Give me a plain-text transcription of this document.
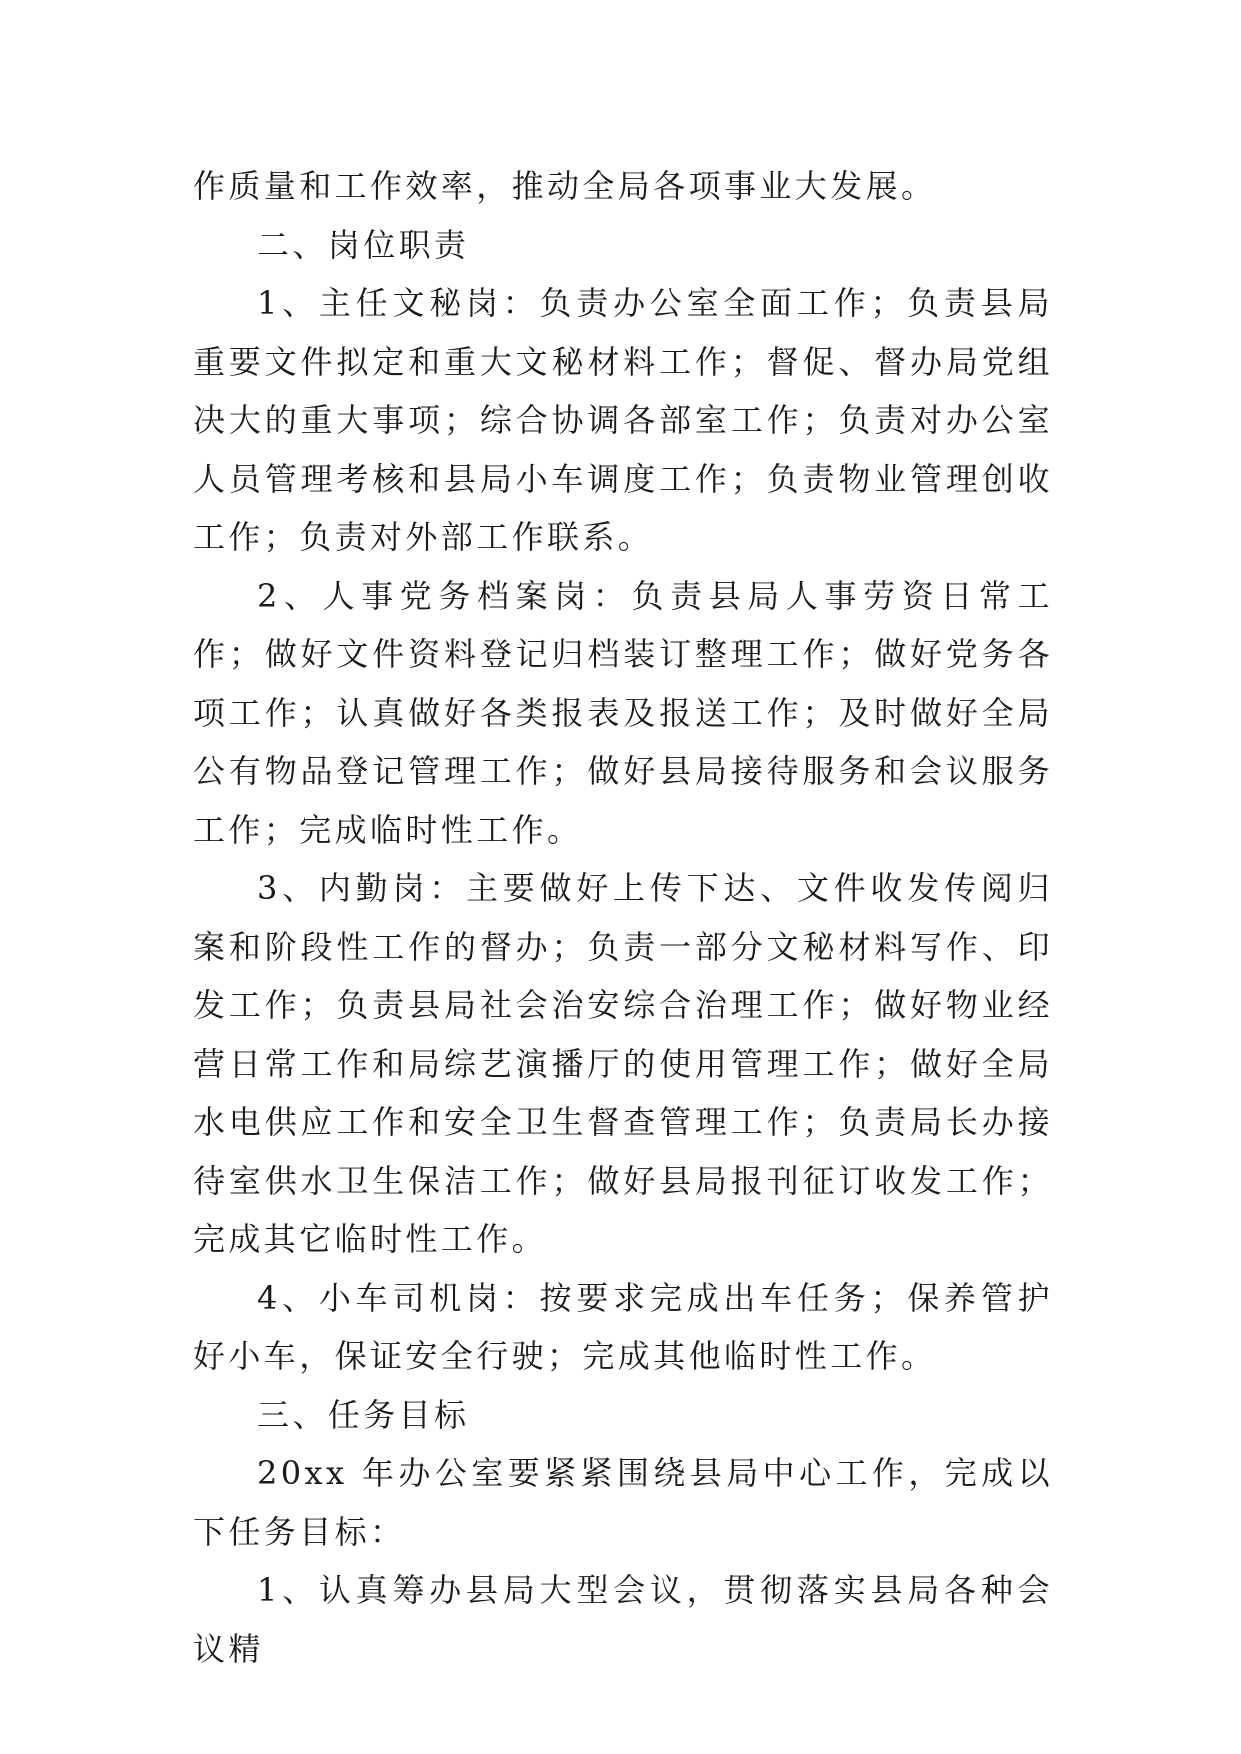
作质量和工作效率，推动全局各项事业大发展。

二、岗位职责

1、主任文秘岗：负责办公室全面工作；负责县局重要文件拟定和重大文秘材料工作；督促、督办局党组决大的重大事项；综合协调各部室工作；负责对办公室人员管理考核和县局小车调度工作；负责物业管理创收工作；负责对外部工作联系。

2、人事党务档案岗：负责县局人事劳资日常工作；做好文件资料登记归档装订整理工作；做好党务各项工作；认真做好各类报表及报送工作；及时做好全局公有物品登记管理工作；做好县局接待服务和会议服务工作；完成临时性工作。

3、内勤岗：主要做好上传下达、文件收发传阅归案和阶段性工作的督办；负责一部分文秘材料写作、印发工作；负责县局社会治安综合治理工作；做好物业经营日常工作和局综艺演播厅的使用管理工作；做好全局水电供应工作和安全卫生督查管理工作；负责局长办接待室供水卫生保洁工作；做好县局报刊征订收发工作；完成其它临时性工作。

4、小车司机岗：按要求完成出车任务；保养管护好小车，保证安全行驶；完成其他临时性工作。

三、任务目标

20xx 年办公室要紧紧围绕县局中心工作，完成以下任务目标：

1、认真筹办县局大型会议，贯彻落实县局各种会议精
